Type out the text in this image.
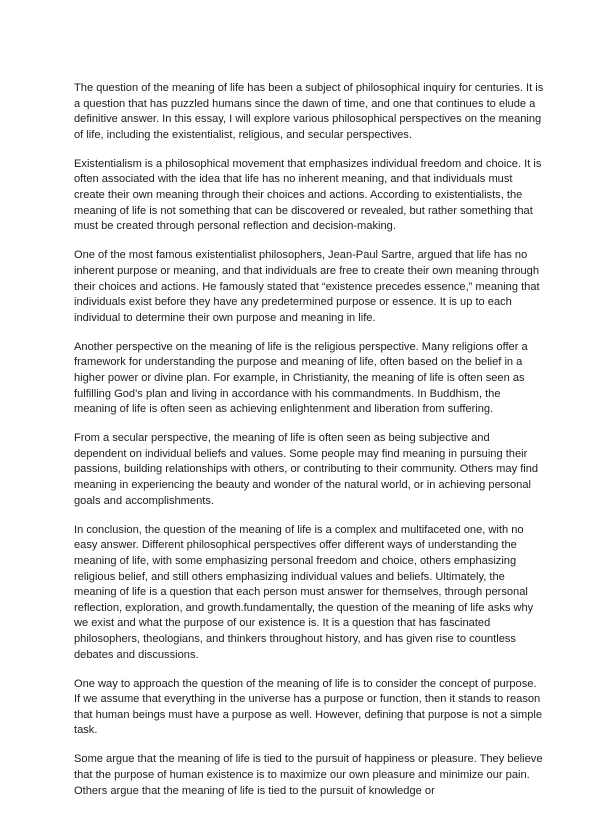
The question of the meaning of life has been a subject of philosophical inquiry for centuries. It is a question that has puzzled humans since the dawn of time, and one that continues to elude a definitive answer. In this essay, I will explore various philosophical perspectives on the meaning of life, including the existentialist, religious, and secular perspectives.

Existentialism is a philosophical movement that emphasizes individual freedom and choice. It is often associated with the idea that life has no inherent meaning, and that individuals must create their own meaning through their choices and actions. According to existentialists, the meaning of life is not something that can be discovered or revealed, but rather something that must be created through personal reflection and decision-making.

One of the most famous existentialist philosophers, Jean-Paul Sartre, argued that life has no inherent purpose or meaning, and that individuals are free to create their own meaning through their choices and actions. He famously stated that “existence precedes essence,” meaning that individuals exist before they have any predetermined purpose or essence. It is up to each individual to determine their own purpose and meaning in life.

Another perspective on the meaning of life is the religious perspective. Many religions offer a framework for understanding the purpose and meaning of life, often based on the belief in a higher power or divine plan. For example, in Christianity, the meaning of life is often seen as fulfilling God’s plan and living in accordance with his commandments. In Buddhism, the meaning of life is often seen as achieving enlightenment and liberation from suffering.

From a secular perspective, the meaning of life is often seen as being subjective and dependent on individual beliefs and values. Some people may find meaning in pursuing their passions, building relationships with others, or contributing to their community. Others may find meaning in experiencing the beauty and wonder of the natural world, or in achieving personal goals and accomplishments.

In conclusion, the question of the meaning of life is a complex and multifaceted one, with no easy answer. Different philosophical perspectives offer different ways of understanding the meaning of life, with some emphasizing personal freedom and choice, others emphasizing religious belief, and still others emphasizing individual values and beliefs. Ultimately, the meaning of life is a question that each person must answer for themselves, through personal reflection, exploration, and growth.fundamentally, the question of the meaning of life asks why we exist and what the purpose of our existence is. It is a question that has fascinated philosophers, theologians, and thinkers throughout history, and has given rise to countless debates and discussions.

One way to approach the question of the meaning of life is to consider the concept of purpose. If we assume that everything in the universe has a purpose or function, then it stands to reason that human beings must have a purpose as well. However, defining that purpose is not a simple task.

Some argue that the meaning of life is tied to the pursuit of happiness or pleasure. They believe that the purpose of human existence is to maximize our own pleasure and minimize our pain. Others argue that the meaning of life is tied to the pursuit of knowledge or
